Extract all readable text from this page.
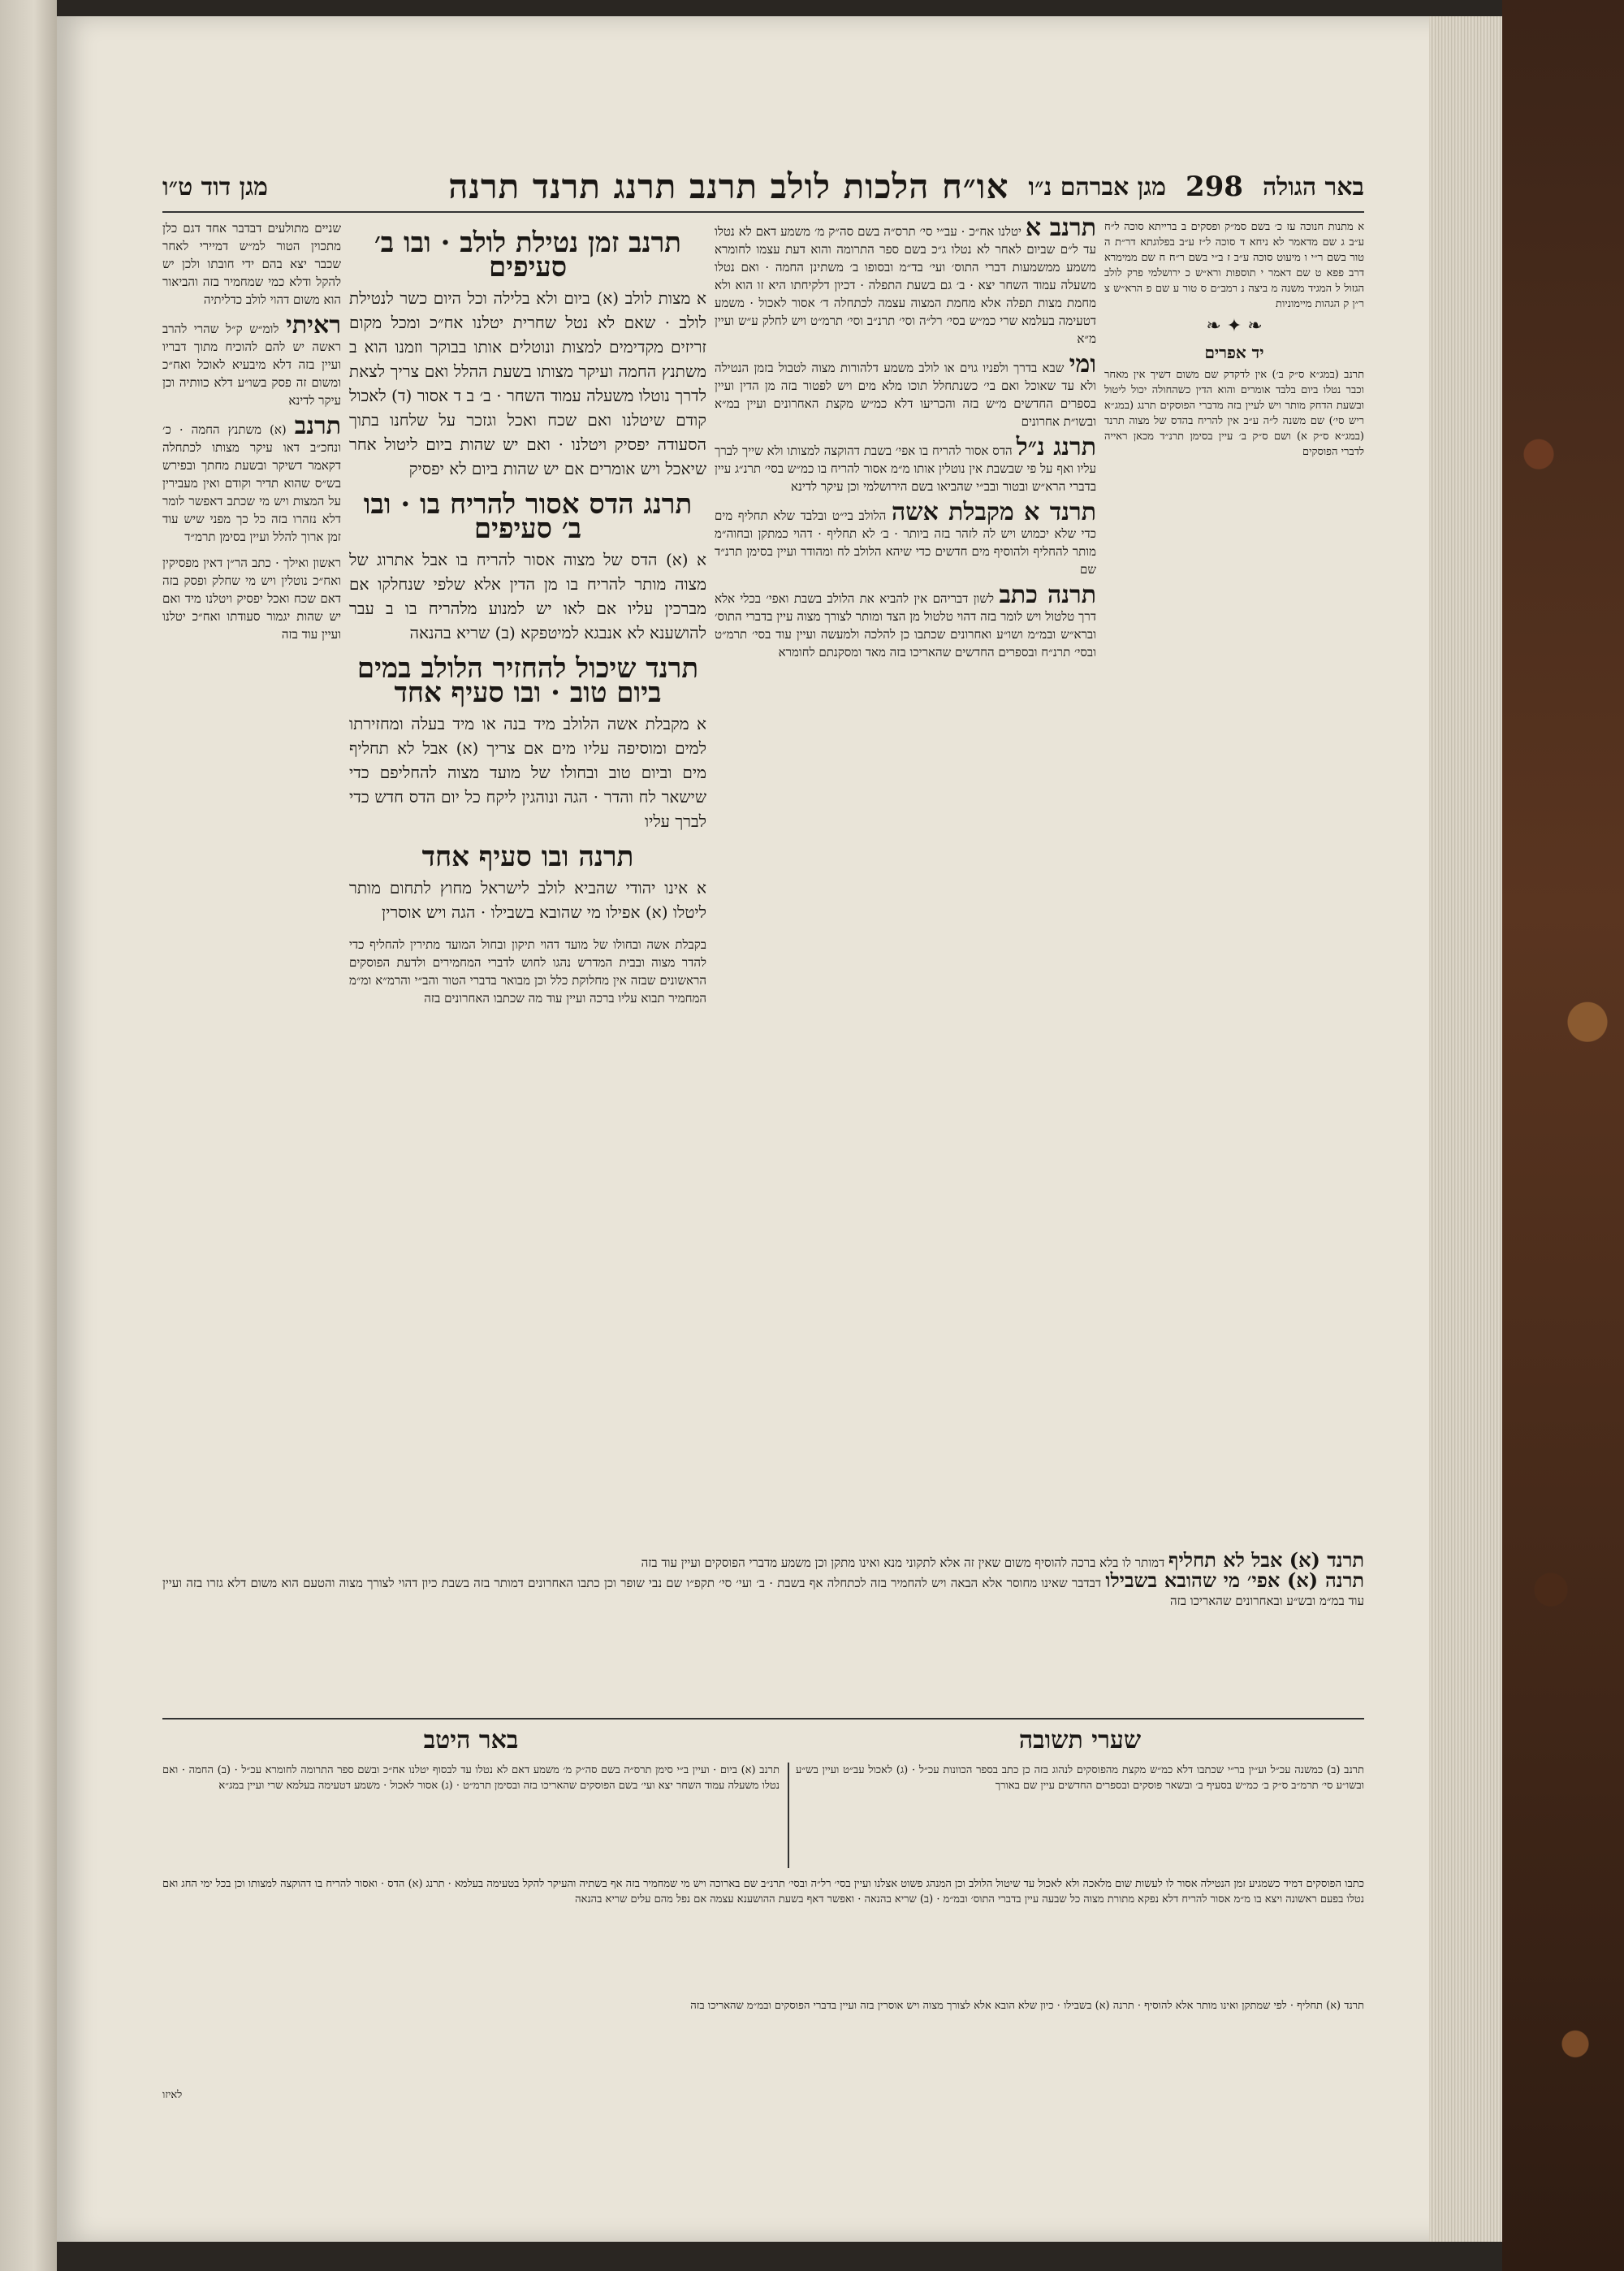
באר הגולה
298
מגן אברהם נ״ו
או״ח הלכות לולב תרנב תרנג תרנד תרנה
מגן דוד ט״ו
א מתנות חנוכה עז כ׳ בשם סמ״ק ופסקים ב ברייתא סוכה ל״ח ע״ב ג שם מדאמר לא ניחא ד סוכה ל״ז ע״ב בפלוגתא דר״ת ה טור בשם ר״י ו מיעוט סוכה ע״ב ז ב״י בשם ר״ח ח שם ממימרא דרב פפא ט שם דאמר י תוספות ורא״ש כ ירושלמי פרק לולב הגזול ל המגיד משנה מ ביצה נ רמב״ם ס טור ע שם פ הרא״ש צ ר״ן ק הגהות מיימוניות
❧ ✦ ❧
יד אפרים
תרנב (במג״א ס״ק ב׳) אין לדקדק שם משום דשיך אין מאחר וכבר נטלו ביום בלבד אומרים והוא הדין כשהחולה יכול ליטול ובשעת הדחק מותר ויש לעיין בזה מדברי הפוסקים תרנג (במג״א ריש סי׳) שם משנה ל״ה ע״ב אין להריח בהדס של מצוה תרנד (במג״א ס״ק א) ושם ס״ק ב׳ עיין בסימן תרנ״ד מכאן ראייה לדברי הפוסקים
תרנב א יטלנו אח״כ · עב״י סי׳ תרס״ה בשם סה״ק מ׳ משמע דאם לא נטלו עד ל״ם שביום לאחר לא נטלו ג״כ בשם ספר התרומה והוא דעת עצמו לחומרא משמע ממשמעות דברי התוס׳ ועי׳ בד״מ ובסופו ב׳ משתינן החמה · ואם נטלו משעלה עמוד השחר יצא · ב׳ גם בשעת התפלה · דכיון דלקיחתו היא זו הוא ולא מחמת מצות תפלה אלא מחמת המצוה עצמה לכתחלה ד׳ אסור לאכול · משמע דטעימה בעלמא שרי כמ״ש בסי׳ רל״ה וסי׳ תרנ״ב וסי׳ תרמ״ט ויש לחלק ע״ש ועיין מ״א
ומי שבא בדרך ולפניו גוים או לולב משמע דלהורות מצוה לטבול בזמן הנטילה ולא עד שאוכל ואם בי׳ כשנתחלל תוכו מלא מים ויש לפטור בזה מן הדין ועיין בספרים החדשים מ״ש בזה והכריעו דלא כמ״ש מקצת האחרונים ועיין במ״א ובשו״ת אחרונים
תרנג נ״ל הדס אסור להריח בו אפי׳ בשבת דהוקצה למצותו ולא שייך לברך עליו ואף על פי שבשבת אין נוטלין אותו מ״מ אסור להריח בו כמ״ש בסי׳ תרנ״ג עיין בדברי הרא״ש ובטור ובב״י שהביאו בשם הירושלמי וכן עיקר לדינא
תרנד א מקבלת אשה הלולב בי״ט ובלבד שלא תחליף מים כדי שלא יכמוש ויש לה לזהר בזה ביותר · ב׳ לא תחליף · דהוי כמתקן ובחוה״מ מותר להחליף ולהוסיף מים חדשים כדי שיהא הלולב לח ומהודר ועיין בסימן תרנ״ד שם
תרנה כתב לשון דבריהם אין להביא את הלולב בשבת ואפי׳ בכלי אלא דרך טלטול ויש לומר בזה דהוי טלטול מן הצד ומותר לצורך מצוה עיין בדברי התוס׳ וברא״ש ובמ״מ ושו״ע ואחרונים שכתבו כן להלכה ולמעשה ועיין עוד בסי׳ תרמ״ט ובסי׳ תרנ״ח ובספרים החדשים שהאריכו בזה מאד ומסקנתם לחומרא
תרנב זמן נטילת לולב · ובו ב׳ סעיפים
א מצות לולב (א) ביום ולא בלילה וכל היום כשר לנטילת לולב · שאם לא נטל שחרית יטלנו אח״כ ומכל מקום זריזים מקדימים למצות ונוטלים אותו בבוקר וזמנו הוא ב משתנץ החמה ועיקר מצותו בשעת ההלל ואם צריך לצאת לדרך נוטלו משעלה עמוד השחר · ב׳ ב ד אסור (ד) לאכול קודם שיטלנו ואם שכח ואכל וגזכר על שלחנו בתוך הסעודה יפסיק ויטלנו · ואם יש שהות ביום ליטול אחר שיאכל ויש אומרים אם יש שהות ביום לא יפסיק
תרנג הדס אסור להריח בו · ובו ב׳ סעיפים
א (א) הדס של מצוה אסור להריח בו אבל אתרוג של מצוה מותר להריח בו מן הדין אלא שלפי שנחלקו אם מברכין עליו אם לאו יש למנוע מלהריח בו ב עבר להושענא לא אנבגא למיטפקא (ב) שריא בהנאה
תרנד שיכול להחזיר הלולב במים ביום טוב · ובו סעיף אחד
א מקבלת אשה הלולב מיד בנה או מיד בעלה ומחזירתו למים ומוסיפה עליו מים אם צריך (א) אבל לא תחליף מים וביום טוב ובחולו של מועד מצוה להחליפם כדי שישאר לח והדר · הגה ונוהגין ליקח כל יום הדס חדש כדי לברך עליו
תרנה ובו סעיף אחד
א אינו יהודי שהביא לולב לישראל מחוץ לתחום מותר ליטלו (א) אפילו מי שהובא בשבילו · הגה ויש אוסרין
בקבלת אשה ובחולו של מועד דהוי תיקון ובחול המועד מתירין להחליף כדי להדר מצוה ובבית המדרש נהגו לחוש לדברי המחמירים ולדעת הפוסקים הראשונים שבזה אין מחלוקת כלל וכן מבואר בדברי הטור והב״י והרמ״א ומ״מ המחמיר תבוא עליו ברכה ועיין עוד מה שכתבו האחרונים בזה
שניים מתולעים דבדבר אחד דגם כלן מתכוין הטור למ״ש דמיירי לאחר שכבר יצא בהם ידי חובתו ולכן יש להקל ודלא כמי שמחמיר בזה והביאור הוא משום דהוי לולב כדליתיה
ראיתי לומ״ש ק״ל שהרי להרב ראשה יש להם להוכיח מתוך דבריו ועיין בזה דלא מיבעיא לאוכל ואח״כ ומשום זה פסק בשו״ע דלא כוותיה וכן עיקר לדינא
תרנב (א) משתנץ החמה · כ׳ ונחכ״ב דאו עיקר מצותו לכתחלה דקאמר דשיקר ובשעת מחתך ובפירש בש״ס שהוא תדיר וקודם ואין מעבירין על המצות ויש מי שכתב דאפשר לומר דלא נזהרו בזה כל כך מפני שיש עוד זמן ארוך להלל ועיין בסימן תרמ״ד
ראשון ואילך · כתב הר״ן דאין מפסיקין ואח״כ נוטלין ויש מי שחלק ופסק בזה דאם שכח ואכל יפסיק ויטלנו מיד ואם יש שהות יגמור סעודתו ואח״כ יטלנו ועיין עוד בזה
תרנד (א) אבל לא תחליף דמותר לו בלא ברכה להוסיף משום שאין זה אלא לתקוני מנא ואינו מתקן וכן משמע מדברי הפוסקים ועיין עוד בזה
תרנה (א) אפי׳ מי שהובא בשבילו דבדבר שאינו מחוסר אלא הבאה ויש להחמיר בזה לכתחלה אף בשבת · ב׳ ועי׳ סי׳ תקפ״ו שם נבי שופר וכן כתבו האחרונים דמותר בזה בשבת כיון דהוי לצורך מצוה והטעם הוא משום דלא גזרו בזה ועיין עוד במ״מ ובש״ע ובאחרונים שהאריכו בזה
שערי תשובה
באר היטב
תרנב (ב) כמשנה עכ״ל וע״ין בר״י שכתבו דלא כמ״ש מקצת מהפוסקים לנהוג בזה כן כתב בספר הכוונות עכ״ל · (ג) לאכול עב״ט ועיין בש״ע ובשו״ע סי׳ תרמ״ב ס״ק ב׳ כמ״ש בסעיף ב׳ ובשאר פוסקים ובספרים החדשים עיין שם באורך
תרנב (א) ביום · ועיין ב״י סימן תרס״ה בשם סה״ק מ׳ משמע דאם לא נטלו עד לבסוף יטלנו אח״כ ובשם ספר התרומה לחומרא עכ״ל · (ב) החמה · ואם נטלו משעלה עמוד השחר יצא ועי׳ בשם הפוסקים שהאריכו בזה ובסימן תרמ״ט · (ג) אסור לאכול · משמע דטעימה בעלמא שרי ועיין במג״א
כתבו הפוסקים דמיד כשמגיע זמן הנטילה אסור לו לעשות שום מלאכה ולא לאכול עד שיטול הלולב וכן המנהג פשוט אצלנו ועיין בסי׳ רל״ה ובסי׳ תרנ״ב שם בארוכה ויש מי שמחמיר בזה אף בשתיה והעיקר להקל בטעימה בעלמא · תרנג (א) הדס · ואסור להריח בו דהוקצה למצותו וכן בכל ימי החג ואם נטלו בפעם ראשונה ויצא בו מ״מ אסור להריח דלא נפקא מתורת מצוה כל שבעה עיין בדברי התוס׳ ובמ״מ · (ב) שריא בהנאה · ואפשר דאף בשעת ההושענא עצמה אם נפל מהם עלים שריא בהנאה
תרנד (א) תחליף · לפי שמתקן ואינו מותר אלא להוסיף · תרנה (א) בשבילו · כיון שלא הובא אלא לצורך מצוה ויש אוסרין בזה ועיין בדברי הפוסקים ובמ״מ שהאריכו בזה
לאיזו
